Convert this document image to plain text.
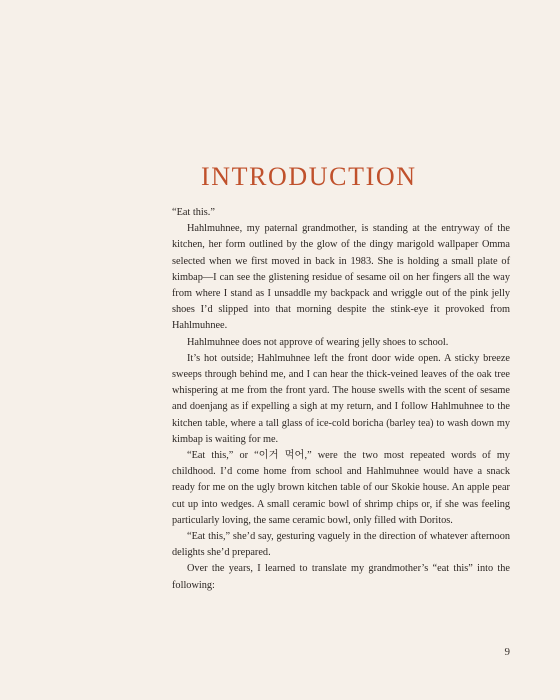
INTRODUCTION

“Eat this.”

Hahlmuhnee, my paternal grandmother, is standing at the entryway of the kitchen, her form outlined by the glow of the dingy marigold wallpaper Omma selected when we first moved in back in 1983. She is holding a small plate of kimbap—I can see the glistening residue of sesame oil on her fingers all the way from where I stand as I unsaddle my backpack and wriggle out of the pink jelly shoes I’d slipped into that morning despite the stink-eye it provoked from Hahlmuhnee.

Hahlmuhnee does not approve of wearing jelly shoes to school.

It’s hot outside; Hahlmuhnee left the front door wide open. A sticky breeze sweeps through behind me, and I can hear the thick-veined leaves of the oak tree whispering at me from the front yard. The house swells with the scent of sesame and doenjang as if expelling a sigh at my return, and I follow Hahlmuhnee to the kitchen table, where a tall glass of ice-cold boricha (barley tea) to wash down my kimbap is waiting for me.

“Eat this,” or “이거 먹어,” were the two most repeated words of my childhood. I’d come home from school and Hahlmuhnee would have a snack ready for me on the ugly brown kitchen table of our Skokie house. An apple pear cut up into wedges. A small ceramic bowl of shrimp chips or, if she was feeling particularly loving, the same ceramic bowl, only filled with Doritos.

“Eat this,” she’d say, gesturing vaguely in the direction of whatever afternoon delights she’d prepared.

Over the years, I learned to translate my grandmother’s “eat this” into the following:

9
